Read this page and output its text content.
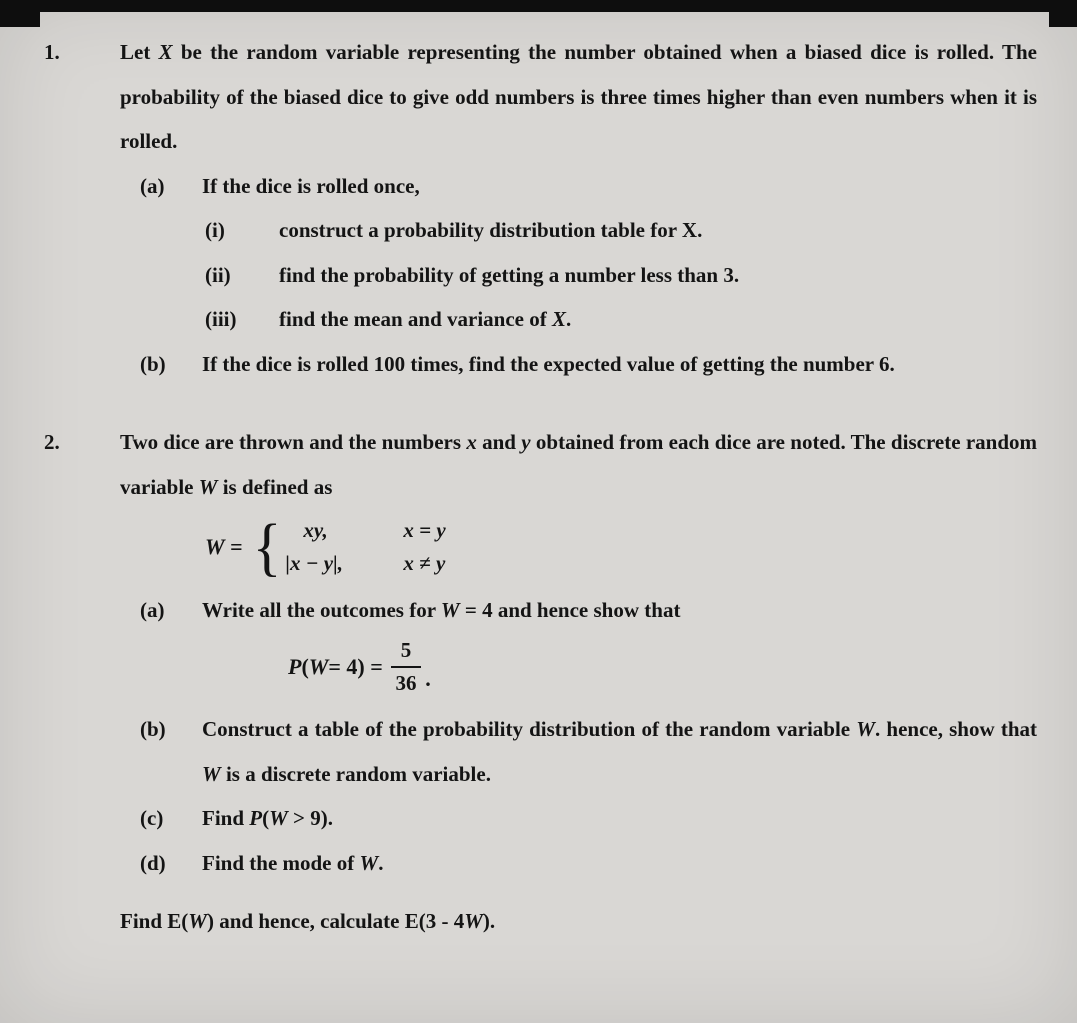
1.	Let X be the random variable representing the number obtained when a biased dice is rolled. The probability of the biased dice to give odd numbers is three times higher than even numbers when it is rolled.
(a)	If the dice is rolled once,
(i)	construct a probability distribution table for X.
(ii)	find the probability of getting a number less than 3.
(iii)	find the mean and variance of X.
(b)	If the dice is rolled 100 times, find the expected value of getting the number 6.
2.	Two dice are thrown and the numbers x and y obtained from each dice are noted. The discrete random variable W is defined as
W = {	xy,	x = y
|x − y|,	x ≠ y
(a)	Write all the outcomes for W = 4 and hence show that
P ( $W = 4) = \frac{5}{36}$ .
(b)	Construct a table of the probability distribution of the random variable W. hence, show that W is a discrete random variable.
(c)	Find P(W > 9).
(d)	Find the mode of W.
Find E(W) and hence, calculate E(3 - 4W).
